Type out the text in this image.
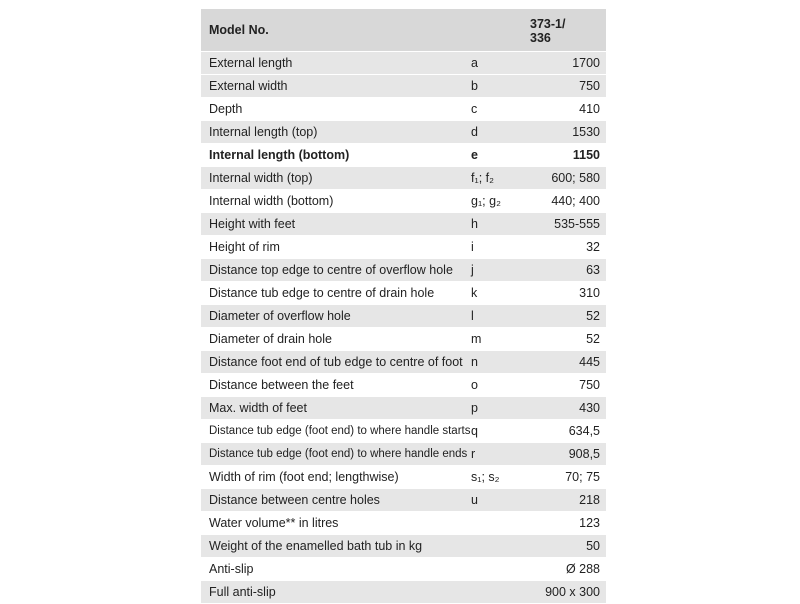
Model No.		373-1/ 336
External length	a	1700
External width	b	750
Depth	c	410
Internal length (top)	d	1530
Internal length (bottom)	e	1150
Internal width (top)	f₁; f₂	600; 580
Internal width (bottom)	g₁; g₂	440; 400
Height with feet	h	535-555
Height of rim	i	32
Distance top edge to centre of overflow hole	j	63
Distance tub edge to centre of drain hole	k	310
Diameter of overflow hole	l	52
Diameter of drain hole	m	52
Distance foot end of tub edge to centre of foot	n	445
Distance between the feet	o	750
Max. width of feet	p	430
Distance tub edge (foot end) to where handle starts	q	634,5
Distance tub edge (foot end) to where handle ends	r	908,5
Width of rim (foot end; lengthwise)	s₁; s₂	70; 75
Distance between centre holes	u	218
Water volume** in litres		123
Weight of the enamelled bath tub in kg		50
Anti-slip		Ø 288
Full anti-slip		900 x 300
